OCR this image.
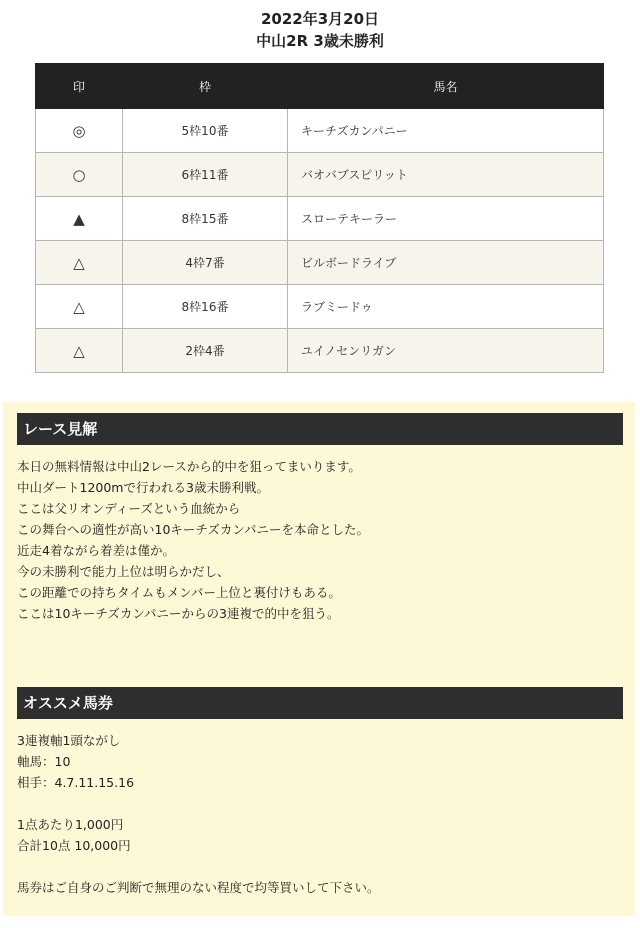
2022年3月20日
中山2R 3歳未勝利
印	枠	馬名
◎	5枠10番	キーチズカンパニー
○	6枠11番	バオバブスピリット
▲	8枠15番	スローテキーラー
△	4枠7番	ビルボードライブ
△	8枠16番	ラブミードゥ
△	2枠4番	ユイノセンリガン
レース見解
本日の無料情報は中山2レースから的中を狙ってまいります。
中山ダート1200mで行われる3歳未勝利戦。
ここは父リオンディーズという血統から
この舞台への適性が高い10キーチズカンパニーを本命とした。
近走4着ながら着差は僅か。
今の未勝利で能力上位は明らかだし、
この距離での持ちタイムもメンバー上位と裏付けもある。
ここは10キーチズカンパニーからの3連複で的中を狙う。
オススメ馬券
3連複軸1頭ながし
軸馬：10
相手：4.7.11.15.16
1点あたり1,000円
合計10点 10,000円
馬券はご自身のご判断で無理のない程度で均等買いして下さい。
